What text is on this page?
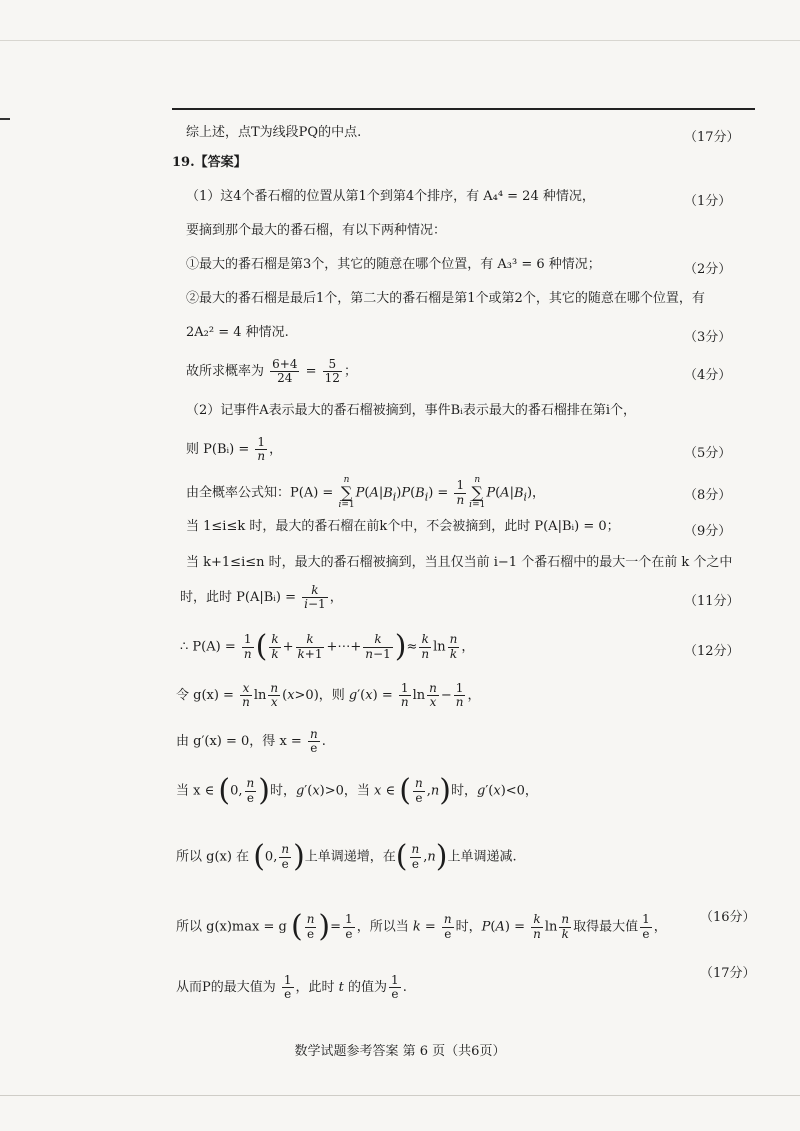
综上述，点T为线段PQ的中点.	（17分）
19.【答案】
（1）这4个番石榴的位置从第1个到第4个排序，有 A₄⁴ = 24 种情况，	（1分）
要摘到那个最大的番石榴，有以下两种情况：
①最大的番石榴是第3个，其它的随意在哪个位置，有 A₃³ = 6 种情况；	（2分）
②最大的番石榴是最后1个，第二大的番石榴是第1个或第2个，其它的随意在哪个位置，有
2A₂² = 4 种情况.	（3分）
故所求概率为 $\frac{6+4}{24} = \frac{5}{12}$ ；	（4分）
（2）记事件A表示最大的番石榴被摘到，事件Bᵢ表示最大的番石榴排在第i个，
则 P(Bᵢ) = $\frac{1}{n}$ ，	（5分）
由全概率公式知：P(A) = n
∑
$i=1P(A|B_i)P(B_i) = \frac{1}{n}$ n
∑
$i=1P(A|B_i)$，	（8分）
当 1≤i≤k 时，最大的番石榴在前k个中，不会被摘到，此时 P(A|Bᵢ) = 0；	（9分）
当 k+1≤i≤n 时，最大的番石榴被摘到，当且仅当前 i−1 个番石榴中的最大一个在前 k 个之中
时，此时 P(A|Bᵢ) = $\frac{k}{i-1}$ ，	（11分）
∴ $P(A) = \frac{1}{n}$ ( $\frac{k}{k} + \frac{k}{k+1}$ +⋯+ $\frac{k}{n-1}$ )≈ $\frac{k}{n}$ $\ln \frac{n}{k}$ ，	（12分）
令 $g(x) = \frac{x}{n}$ $\ln \frac{n}{x} (x>0)$，则 $g'(x) = \frac{1}{n}$ $\ln \frac{n}{x} - \frac{1}{n}$ ，
由 g′(x) = 0，得 $x = \frac{n}{e}$ .
当 x ∈ (0, $\frac{n}{e}$ )时，g′(x)>0，当 x ∈ ( $\frac{n}{e} ,n$)时，g′(x)<0，
所以 g(x) 在 (0, $\frac{n}{e}$ )上单调递增，在( $\frac{n}{e} ,n$)上单调递减.
所以 g(x)max = g ( $\frac{n}{e}$ )= $\frac{1}{e}$ ，所以当 $k = \frac{n}{e}$ 时，$P(A) = \frac{k}{n}$ $\ln \frac{n}{k}$ 取得最大值 $\frac{1}{e}$ ，
（16分）
从而P的最大值为 $\frac{1}{e}$ ，此时 t 的值为 $\frac{1}{e}$ .
（17分）
数学试题参考答案 第 6 页（共6页）
